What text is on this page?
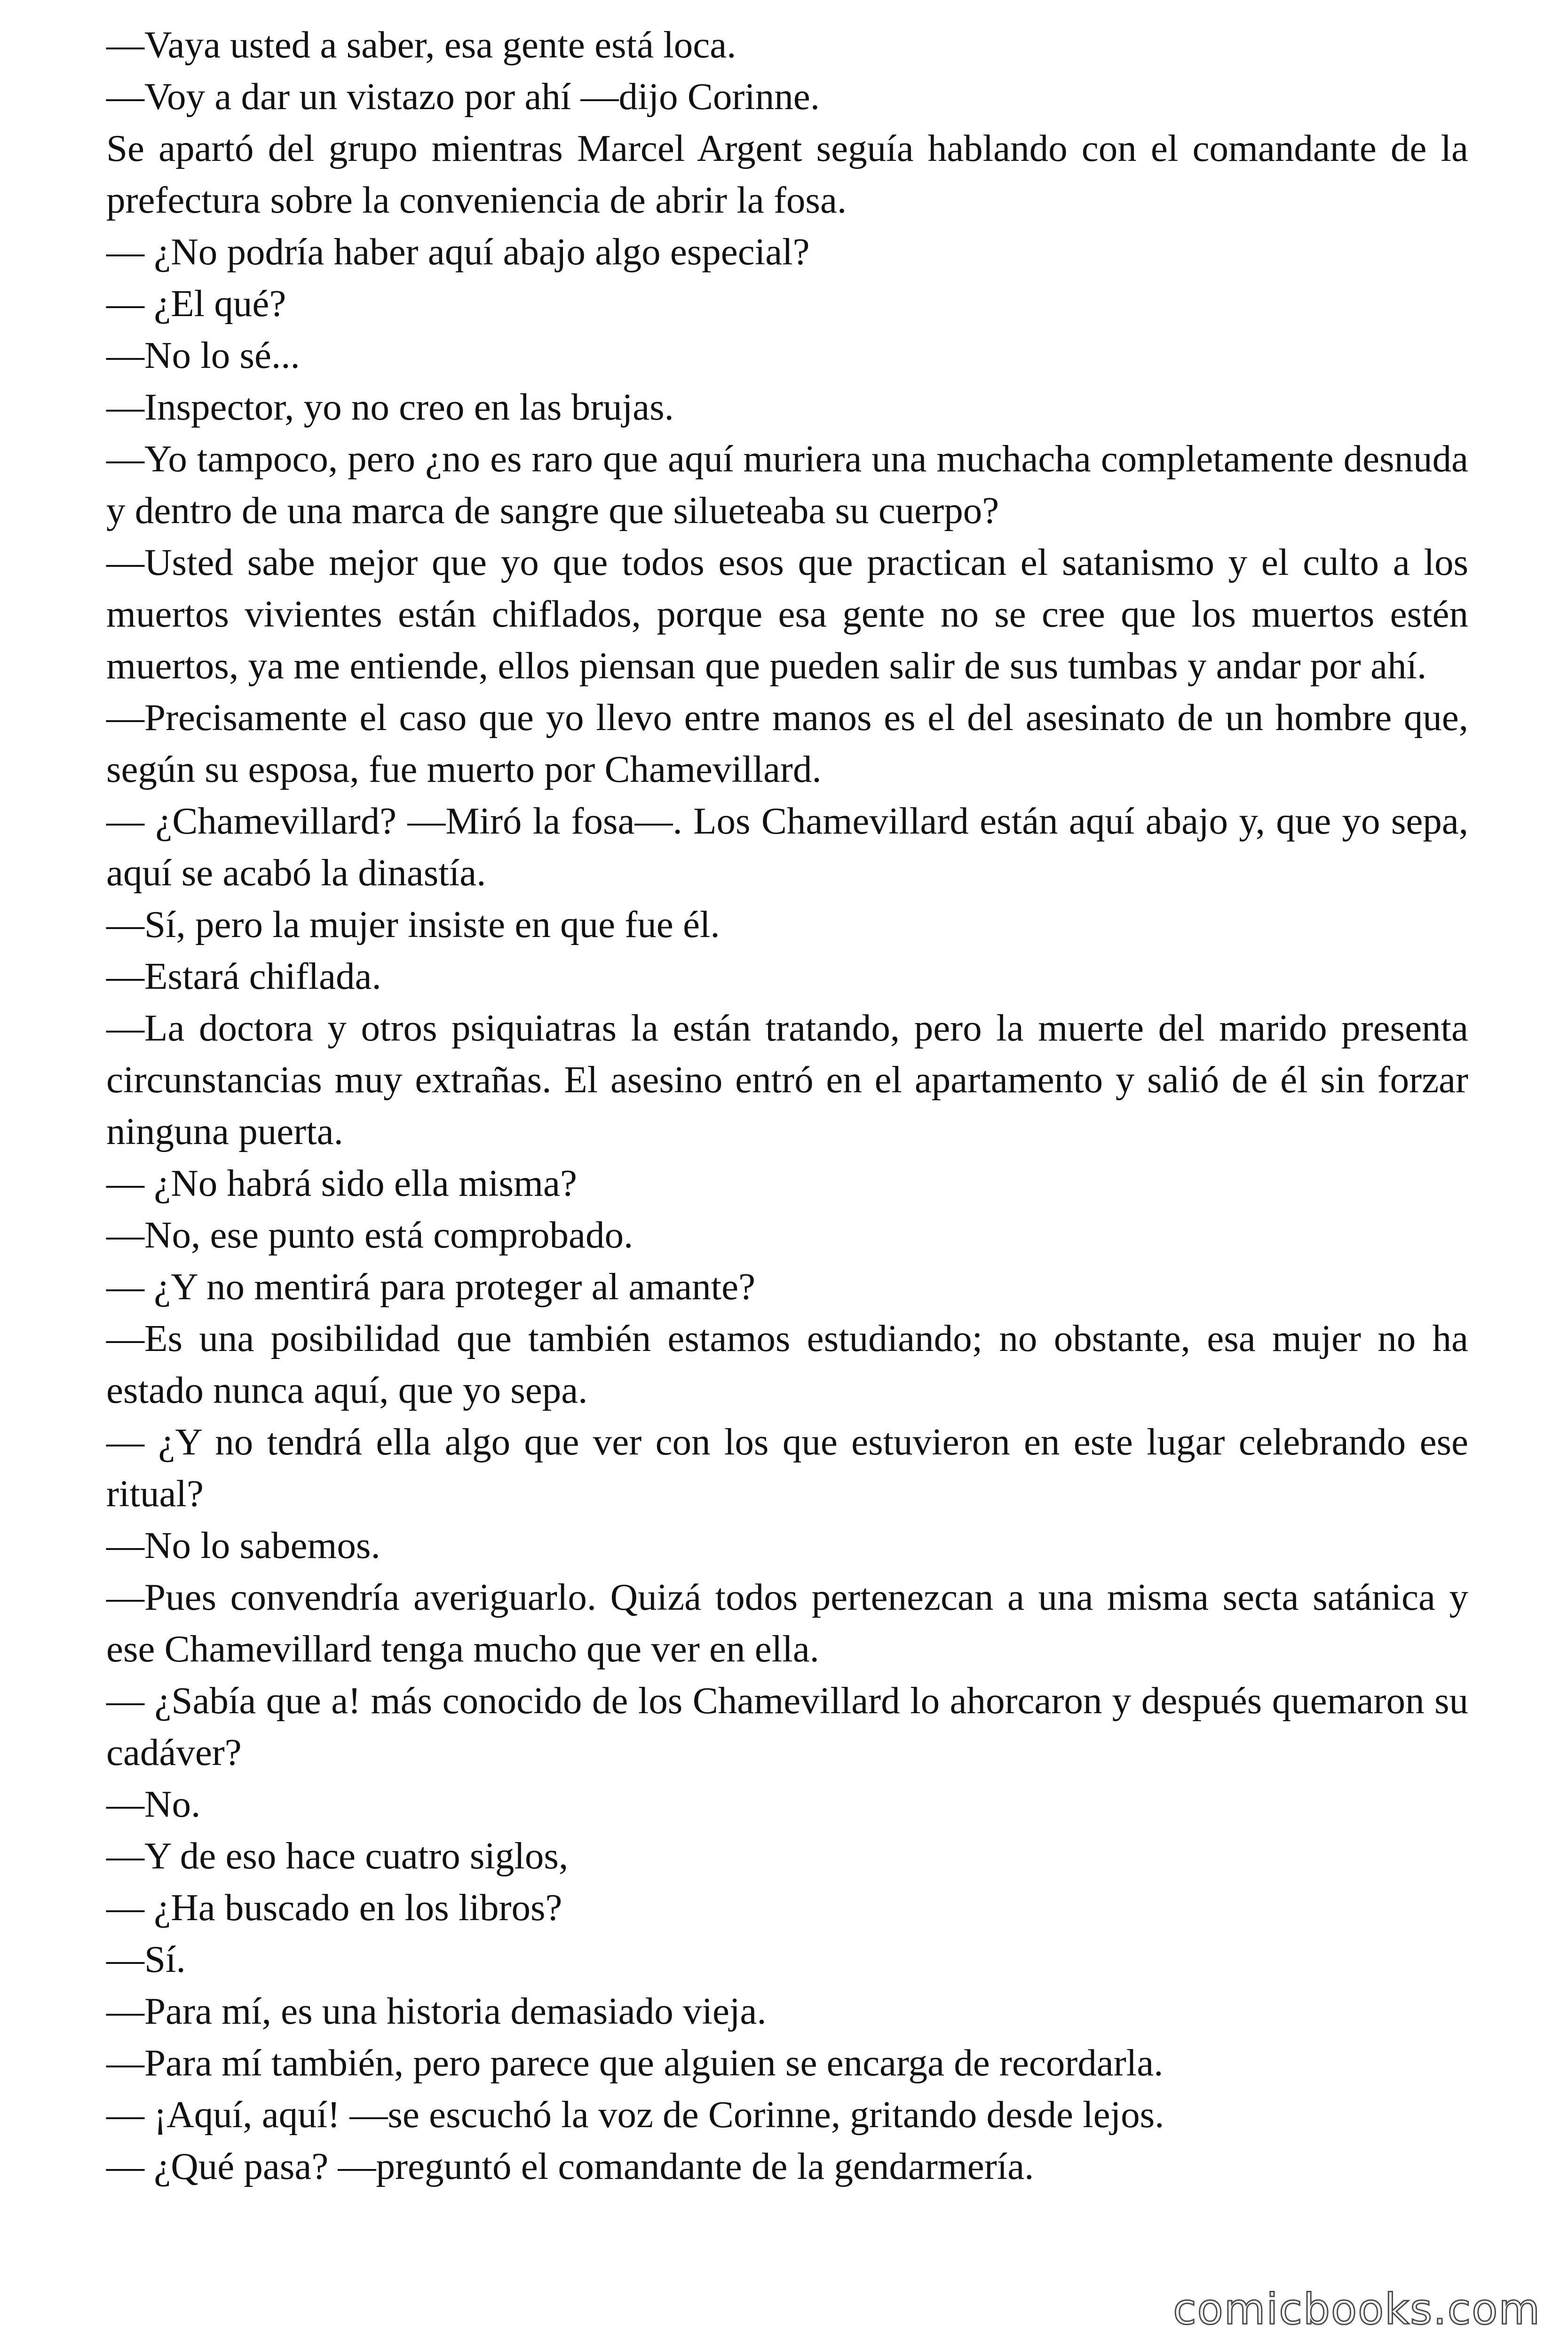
—Vaya usted a saber, esa gente está loca.

—Voy a dar un vistazo por ahí —dijo Corinne.

Se apartó del grupo mientras Marcel Argent seguía hablando con el comandante de la prefectura sobre la conveniencia de abrir la fosa.

— ¿No podría haber aquí abajo algo especial?

— ¿El qué?

—No lo sé...

—Inspector, yo no creo en las brujas.

—Yo tampoco, pero ¿no es raro que aquí muriera una muchacha completamente desnuda y dentro de una marca de sangre que silueteaba su cuerpo?

—Usted sabe mejor que yo que todos esos que practican el satanismo y el culto a los muertos vivientes están chiflados, porque esa gente no se cree que los muertos estén muertos, ya me entiende, ellos piensan que pueden salir de sus tumbas y andar por ahí.

—Precisamente el caso que yo llevo entre manos es el del asesinato de un hombre que, según su esposa, fue muerto por Chamevillard.

— ¿Chamevillard? —Miró la fosa—. Los Chamevillard están aquí abajo y, que yo sepa, aquí se acabó la dinastía.

—Sí, pero la mujer insiste en que fue él.

—Estará chiflada.

—La doctora y otros psiquiatras la están tratando, pero la muerte del marido presenta circunstancias muy extrañas. El asesino entró en el apartamento y salió de él sin forzar ninguna puerta.

— ¿No habrá sido ella misma?

—No, ese punto está comprobado.

— ¿Y no mentirá para proteger al amante?

—Es una posibilidad que también estamos estudiando; no obstante, esa mujer no ha estado nunca aquí, que yo sepa.

— ¿Y no tendrá ella algo que ver con los que estuvieron en este lugar celebrando ese ritual?

—No lo sabemos.

—Pues convendría averiguarlo. Quizá todos pertenezcan a una misma secta satánica y ese Chamevillard tenga mucho que ver en ella.

— ¿Sabía que a! más conocido de los Chamevillard lo ahorcaron y después quemaron su cadáver?

—No.

—Y de eso hace cuatro siglos,

— ¿Ha buscado en los libros?

—Sí.

—Para mí, es una historia demasiado vieja.

—Para mí también, pero parece que alguien se encarga de recordarla.

— ¡Aquí, aquí! —se escuchó la voz de Corinne, gritando desde lejos.

— ¿Qué pasa? —preguntó el comandante de la gendarmería.

comicbooks.com
